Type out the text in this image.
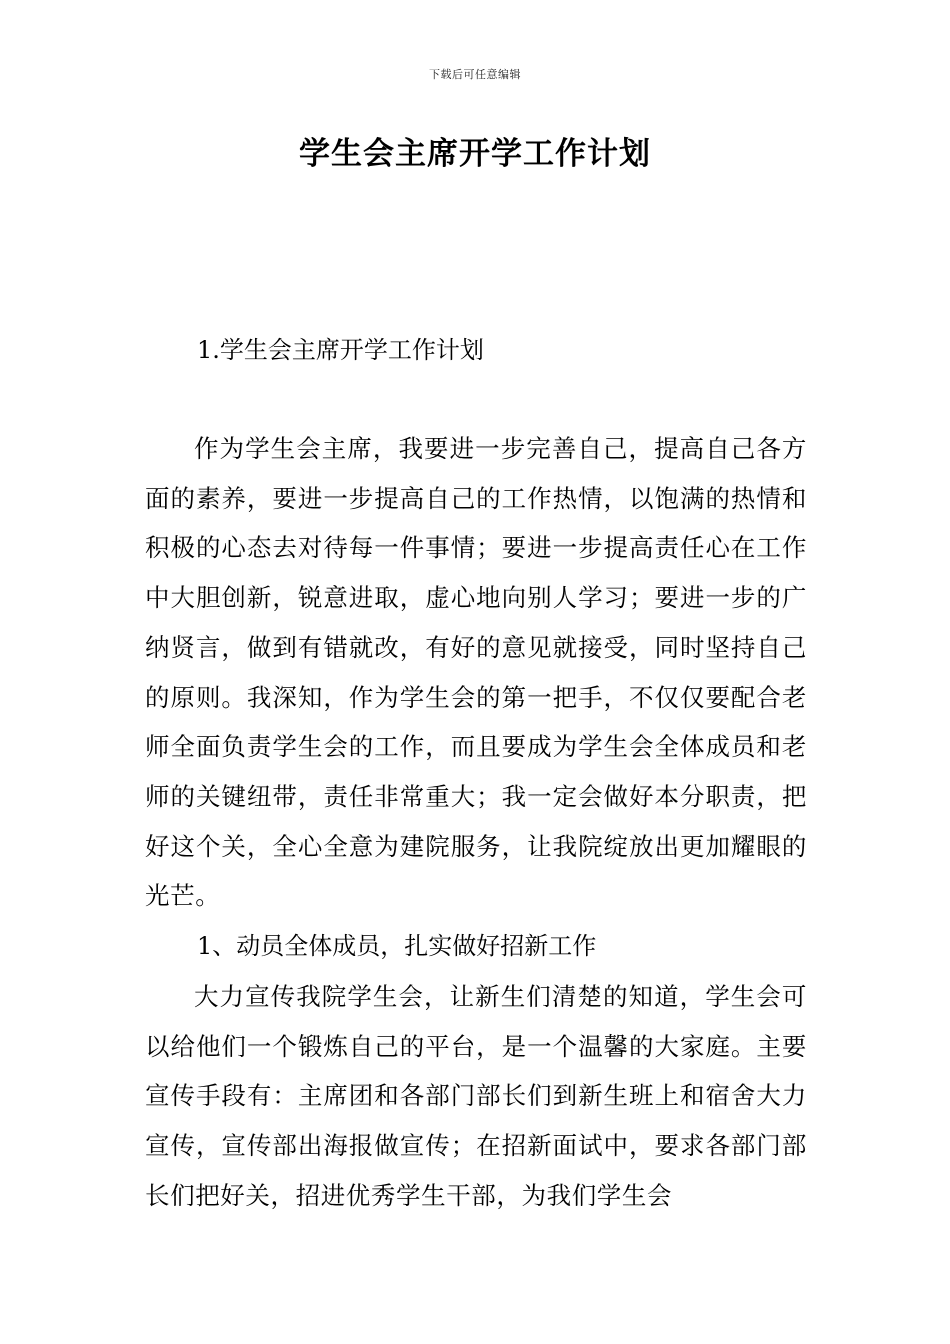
下载后可任意编辑
学生会主席开学工作计划
1.学生会主席开学工作计划

作为学生会主席，我要进一步完善自己，提高自己各方面的素养，要进一步提高自己的工作热情，以饱满的热情和积极的心态去对待每一件事情；要进一步提高责任心在工作中大胆创新，锐意进取，虚心地向别人学习；要进一步的广纳贤言，做到有错就改，有好的意见就接受，同时坚持自己的原则。我深知，作为学生会的第一把手，不仅仅要配合老师全面负责学生会的工作，而且要成为学生会全体成员和老师的关键纽带，责任非常重大；我一定会做好本分职责，把好这个关，全心全意为建院服务，让我院绽放出更加耀眼的光芒。

1、动员全体成员，扎实做好招新工作

大力宣传我院学生会，让新生们清楚的知道，学生会可以给他们一个锻炼自己的平台，是一个温馨的大家庭。主要宣传手段有：主席团和各部门部长们到新生班上和宿舍大力宣传，宣传部出海报做宣传；在招新面试中，要求各部门部长们把好关，招进优秀学生干部，为我们学生会
